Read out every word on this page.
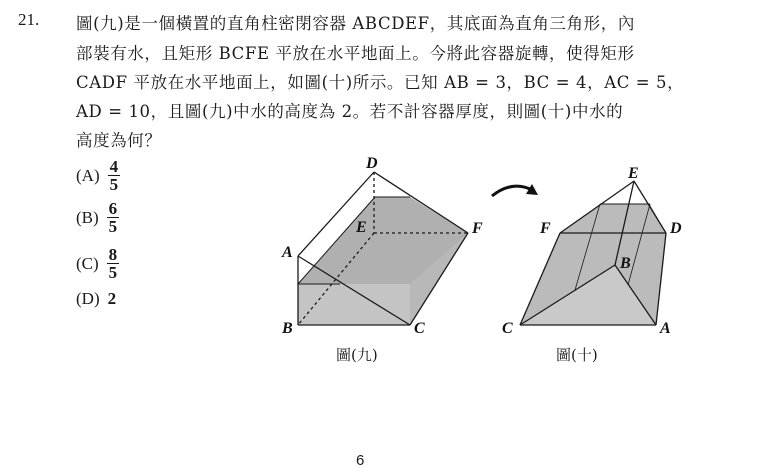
21. 圖(九)是一個橫置的直角柱密閉容器 ABCDEF，其底面為直角三角形，內
部裝有水，且矩形 BCFE 平放在水平地面上。今將此容器旋轉，使得矩形
CADF 平放在水平地面上，如圖(十)所示。已知 AB = 3，BC = 4，AC = 5，
AD = 10，且圖(九)中水的高度為 2。若不計容器厚度，則圖(十)中水的
高度為何？
$(A) \frac{4}{5}$
$(B) \frac{6}{5}$
$(C) \frac{8}{5}$
(D) 2
D
A
E	F
B	C
E
F	D
B
C	A
圖(九)	圖(十)
6
